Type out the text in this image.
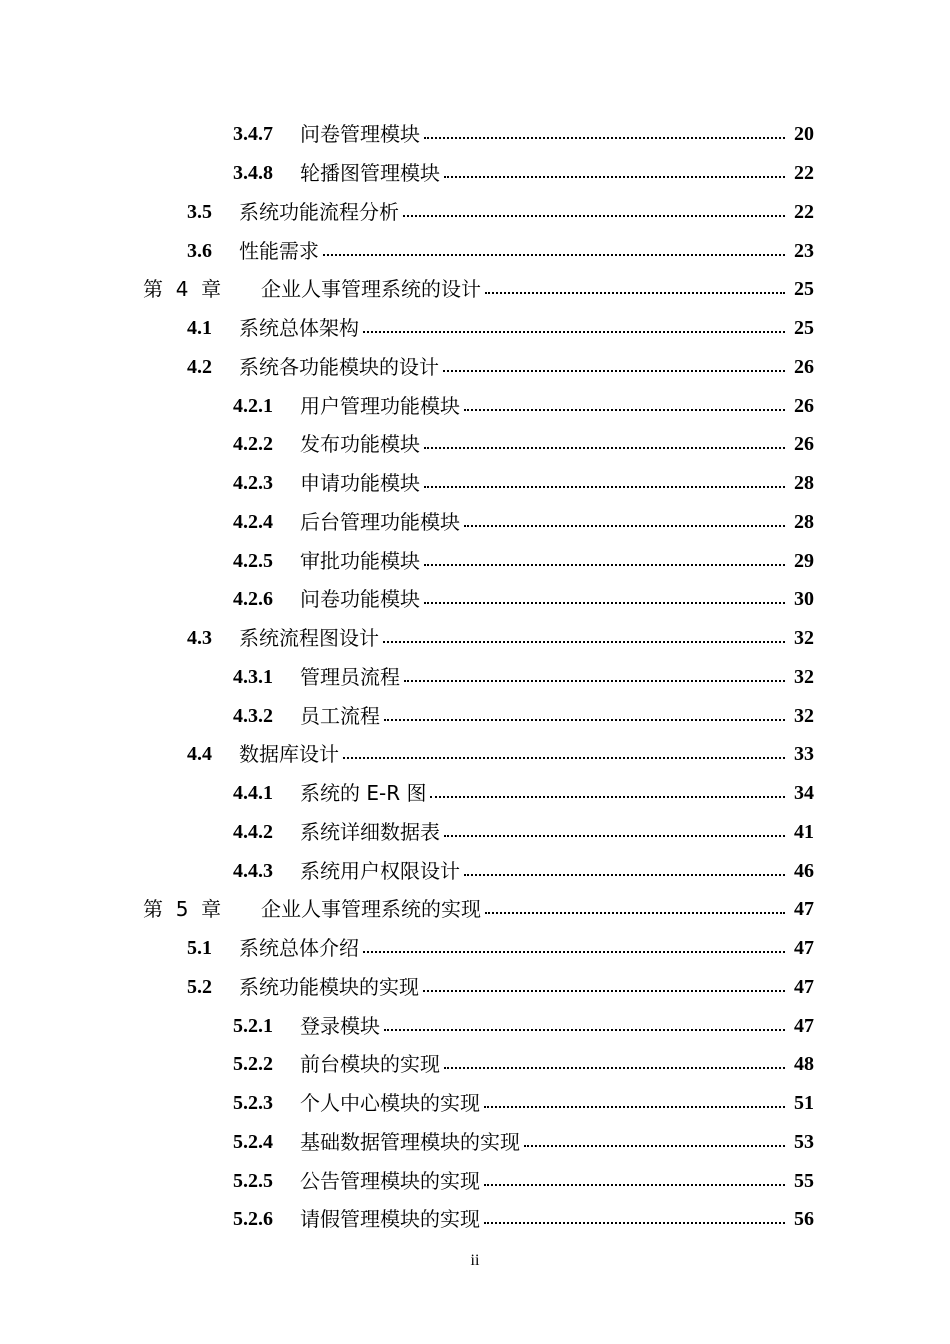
3.4.7	问卷管理模块	20
3.4.8	轮播图管理模块	22
3.5	系统功能流程分析	22
3.6	性能需求	23
第  4  章	企业人事管理系统的设计	25
4.1	系统总体架构	25
4.2	系统各功能模块的设计	26
4.2.1	用户管理功能模块	26
4.2.2	发布功能模块	26
4.2.3	申请功能模块	28
4.2.4	后台管理功能模块	28
4.2.5	审批功能模块	29
4.2.6	问卷功能模块	30
4.3	系统流程图设计	32
4.3.1	管理员流程	32
4.3.2	员工流程	32
4.4	数据库设计	33
4.4.1	系统的 E-R 图	34
4.4.2	系统详细数据表	41
4.4.3	系统用户权限设计	46
第  5  章	企业人事管理系统的实现	47
5.1	系统总体介绍	47
5.2	系统功能模块的实现	47
5.2.1	登录模块	47
5.2.2	前台模块的实现	48
5.2.3	个人中心模块的实现	51
5.2.4	基础数据管理模块的实现	53
5.2.5	公告管理模块的实现	55
5.2.6	请假管理模块的实现	56
ii
